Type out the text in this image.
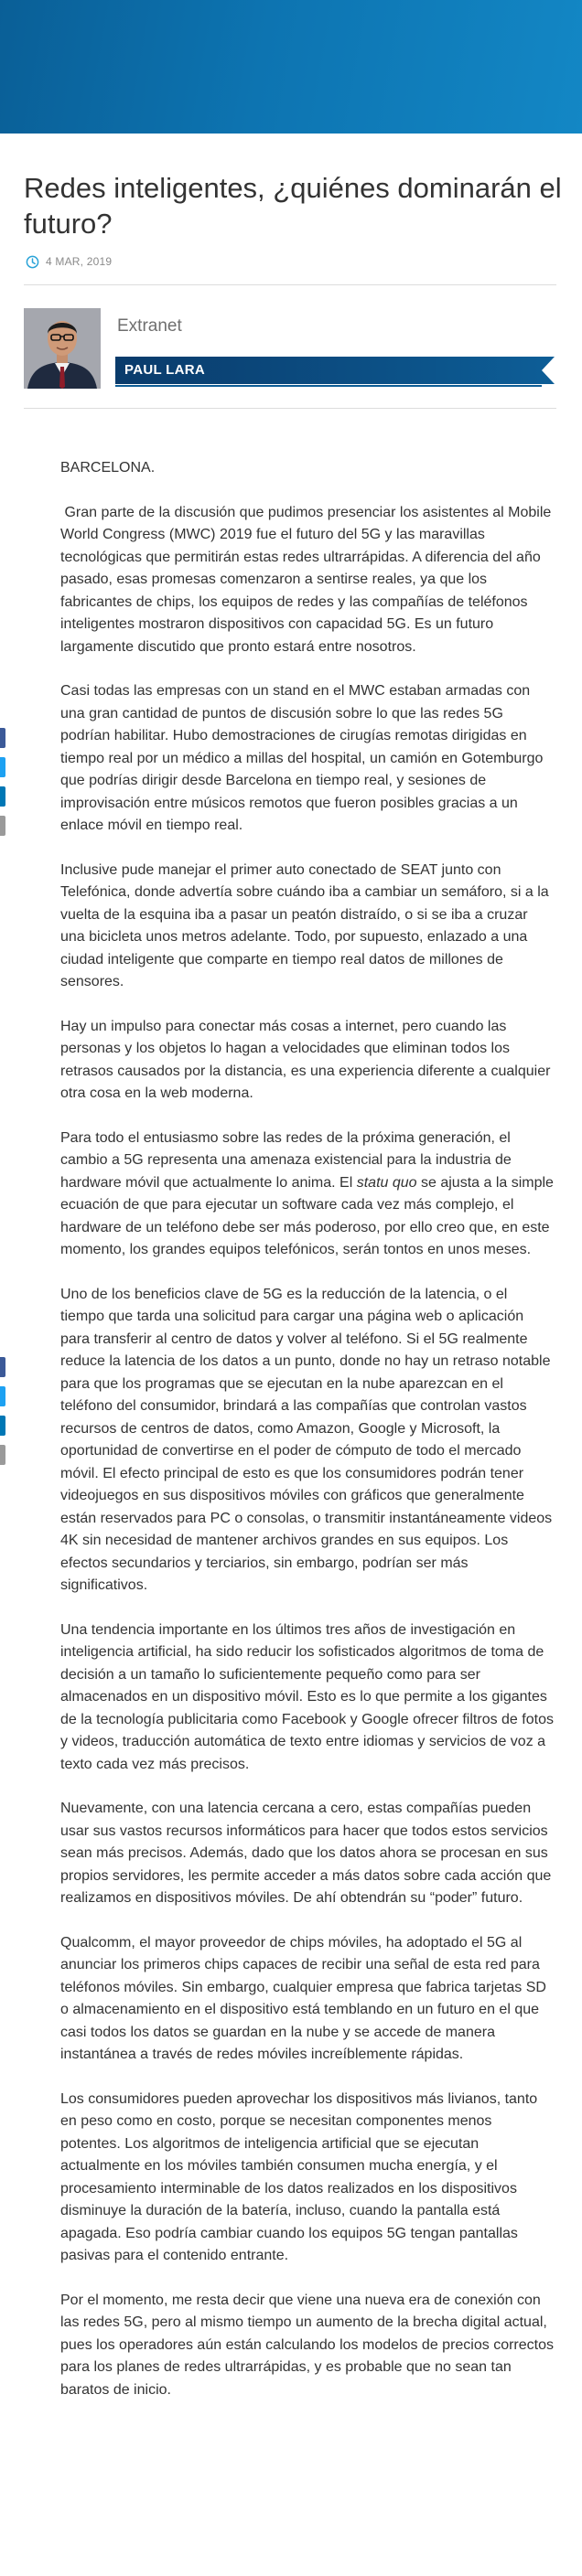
Redes inteligentes, ¿quiénes dominarán el futuro?
4 MAR, 2019
Extranet
PAUL LARA

BARCELONA.

Gran parte de la discusión que pudimos presenciar los asistentes al Mobile World Congress (MWC) 2019 fue el futuro del 5G y las maravillas tecnológicas que permitirán estas redes ultrarrápidas. A diferencia del año pasado, esas promesas comenzaron a sentirse reales, ya que los fabricantes de chips, los equipos de redes y las compañías de teléfonos inteligentes mostraron dispositivos con capacidad 5G. Es un futuro largamente discutido que pronto estará entre nosotros.

Casi todas las empresas con un stand en el MWC estaban armadas con una gran cantidad de puntos de discusión sobre lo que las redes 5G podrían habilitar. Hubo demostraciones de cirugías remotas dirigidas en tiempo real por un médico a millas del hospital, un camión en Gotemburgo que podrías dirigir desde Barcelona en tiempo real, y sesiones de improvisación entre músicos remotos que fueron posibles gracias a un enlace móvil en tiempo real.

Inclusive pude manejar el primer auto conectado de SEAT junto con Telefónica, donde advertía sobre cuándo iba a cambiar un semáforo, si a la vuelta de la esquina iba a pasar un peatón distraído, o si se iba a cruzar una bicicleta unos metros adelante. Todo, por supuesto, enlazado a una ciudad inteligente que comparte en tiempo real datos de millones de sensores.

Hay un impulso para conectar más cosas a internet, pero cuando las personas y los objetos lo hagan a velocidades que eliminan todos los retrasos causados por la distancia, es una experiencia diferente a cualquier otra cosa en la web moderna.

Para todo el entusiasmo sobre las redes de la próxima generación, el cambio a 5G representa una amenaza existencial para la industria de hardware móvil que actualmente lo anima. El statu quo se ajusta a la simple ecuación de que para ejecutar un software cada vez más complejo, el hardware de un teléfono debe ser más poderoso, por ello creo que, en este momento, los grandes equipos telefónicos, serán tontos en unos meses.

Uno de los beneficios clave de 5G es la reducción de la latencia, o el tiempo que tarda una solicitud para cargar una página web o aplicación para transferir al centro de datos y volver al teléfono. Si el 5G realmente reduce la latencia de los datos a un punto, donde no hay un retraso notable para que los programas que se ejecutan en la nube aparezcan en el teléfono del consumidor, brindará a las compañías que controlan vastos recursos de centros de datos, como Amazon, Google y Microsoft, la oportunidad de convertirse en el poder de cómputo de todo el mercado móvil. El efecto principal de esto es que los consumidores podrán tener videojuegos en sus dispositivos móviles con gráficos que generalmente están reservados para PC o consolas, o transmitir instantáneamente videos 4K sin necesidad de mantener archivos grandes en sus equipos. Los efectos secundarios y terciarios, sin embargo, podrían ser más significativos.

Una tendencia importante en los últimos tres años de investigación en inteligencia artificial, ha sido reducir los sofisticados algoritmos de toma de decisión a un tamaño lo suficientemente pequeño como para ser almacenados en un dispositivo móvil. Esto es lo que permite a los gigantes de la tecnología publicitaria como Facebook y Google ofrecer filtros de fotos y videos, traducción automática de texto entre idiomas y servicios de voz a texto cada vez más precisos.

Nuevamente, con una latencia cercana a cero, estas compañías pueden usar sus vastos recursos informáticos para hacer que todos estos servicios sean más precisos. Además, dado que los datos ahora se procesan en sus propios servidores, les permite acceder a más datos sobre cada acción que realizamos en dispositivos móviles. De ahí obtendrán su “poder” futuro.

Qualcomm, el mayor proveedor de chips móviles, ha adoptado el 5G al anunciar los primeros chips capaces de recibir una señal de esta red para teléfonos móviles. Sin embargo, cualquier empresa que fabrica tarjetas SD o almacenamiento en el dispositivo está temblando en un futuro en el que casi todos los datos se guardan en la nube y se accede de manera instantánea a través de redes móviles increíblemente rápidas.

Los consumidores pueden aprovechar los dispositivos más livianos, tanto en peso como en costo, porque se necesitan componentes menos potentes. Los algoritmos de inteligencia artificial que se ejecutan actualmente en los móviles también consumen mucha energía, y el procesamiento interminable de los datos realizados en los dispositivos disminuye la duración de la batería, incluso, cuando la pantalla está apagada. Eso podría cambiar cuando los equipos 5G tengan pantallas pasivas para el contenido entrante.

Por el momento, me resta decir que viene una nueva era de conexión con las redes 5G, pero al mismo tiempo un aumento de la brecha digital actual, pues los operadores aún están calculando los modelos de precios correctos para los planes de redes ultrarrápidas, y es probable que no sean tan baratos de inicio.
